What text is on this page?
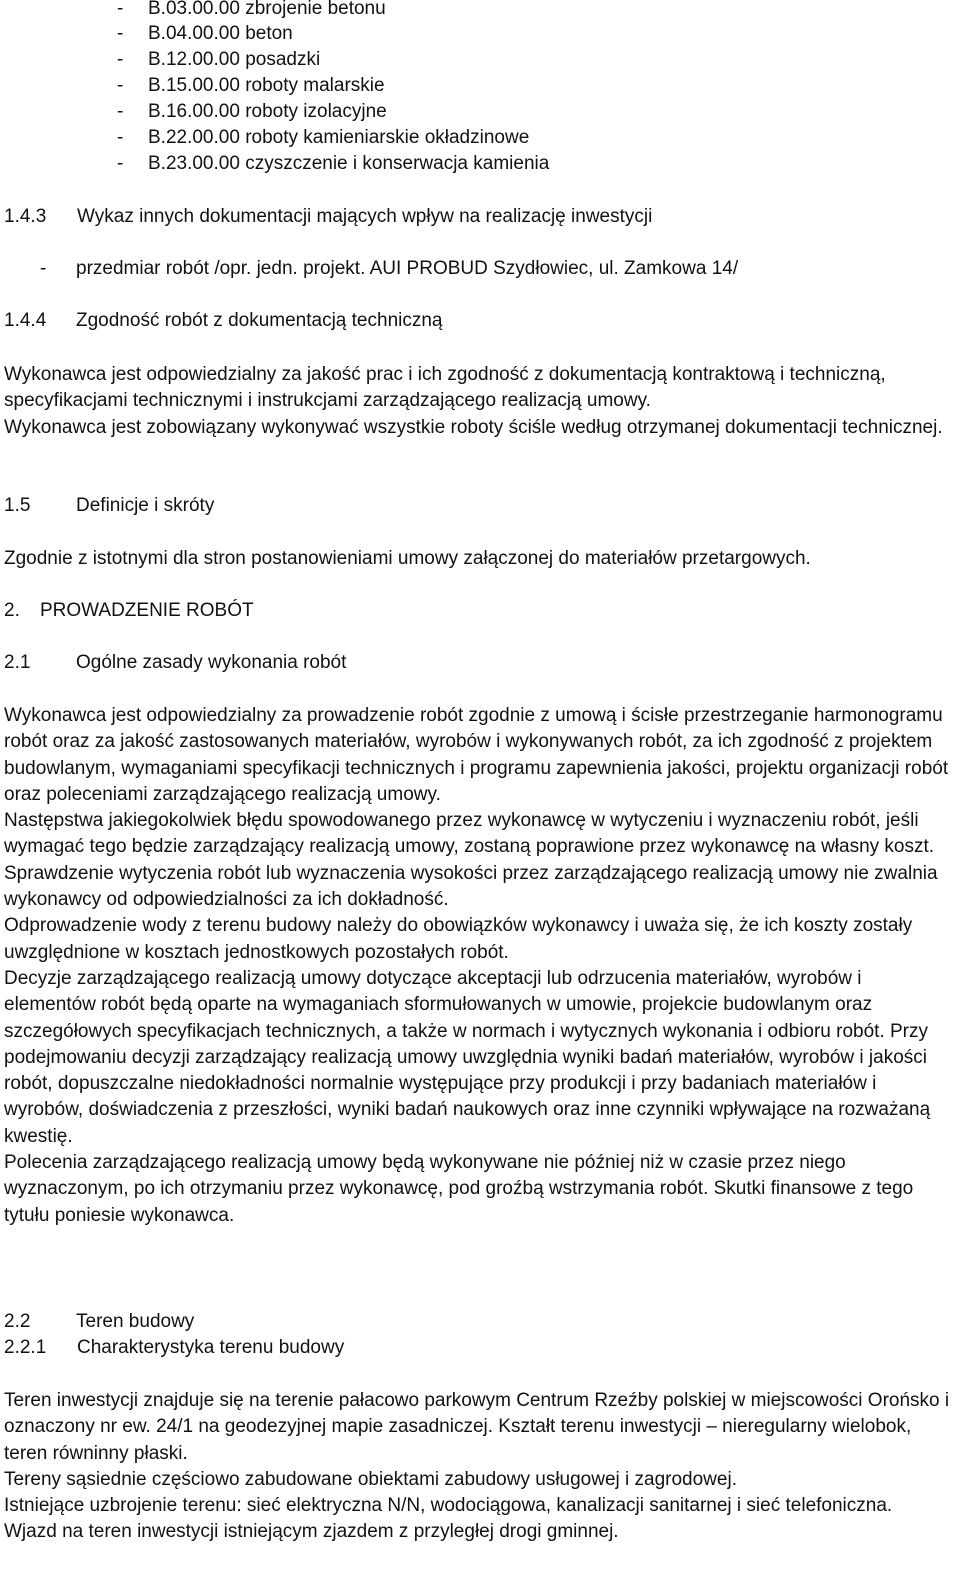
- B.03.00.00 zbrojenie betonu
- B.04.00.00 beton
- B.12.00.00 posadzki
- B.15.00.00 roboty malarskie
- B.16.00.00 roboty izolacyjne
- B.22.00.00 roboty kamieniarskie okładzinowe
- B.23.00.00 czyszczenie i konserwacja kamienia
1.4.3 Wykaz innych dokumentacji mających wpływ na realizację inwestycji
- przedmiar robót /opr. jedn. projekt. AUI PROBUD Szydłowiec, ul. Zamkowa 14/
1.4.4 Zgodność robót z dokumentacją techniczną

Wykonawca jest odpowiedzialny za jakość prac i ich zgodność z dokumentacją kontraktową i techniczną, specyfikacjami technicznymi i instrukcjami zarządzającego realizacją umowy.

Wykonawca jest zobowiązany wykonywać wszystkie roboty ściśle według otrzymanej dokumentacji technicznej.

1.5 Definicje i skróty
Zgodnie z istotnymi dla stron postanowieniami umowy załączonej do materiałów przetargowych.
2. PROWADZENIE ROBÓT
2.1 Ogólne zasady wykonania robót

Wykonawca jest odpowiedzialny za prowadzenie robót zgodnie z umową i ścisłe przestrzeganie harmonogramu robót oraz za jakość zastosowanych materiałów, wyrobów i wykonywanych robót, za ich zgodność z projektem budowlanym, wymaganiami specyfikacji technicznych i programu zapewnienia jakości, projektu organizacji robót oraz poleceniami zarządzającego realizacją umowy.

Następstwa jakiegokolwiek błędu spowodowanego przez wykonawcę w wytyczeniu i wyznaczeniu robót, jeśli wymagać tego będzie zarządzający realizacją umowy, zostaną poprawione przez wykonawcę na własny koszt. Sprawdzenie wytyczenia robót lub wyznaczenia wysokości przez zarządzającego realizacją umowy nie zwalnia wykonawcy od odpowiedzialności za ich dokładność.

Odprowadzenie wody z terenu budowy należy do obowiązków wykonawcy i uważa się, że ich koszty zostały uwzględnione w kosztach jednostkowych pozostałych robót.

Decyzje zarządzającego realizacją umowy dotyczące akceptacji lub odrzucenia materiałów, wyrobów i elementów robót będą oparte na wymaganiach sformułowanych w umowie, projekcie budowlanym oraz szczegółowych specyfikacjach technicznych, a także w normach i wytycznych wykonania i odbioru robót. Przy podejmowaniu decyzji zarządzający realizacją umowy uwzględnia wyniki badań materiałów, wyrobów i jakości robót, dopuszczalne niedokładności normalnie występujące przy produkcji i przy badaniach materiałów i wyrobów, doświadczenia z przeszłości, wyniki badań naukowych oraz inne czynniki wpływające na rozważaną kwestię.

Polecenia zarządzającego realizacją umowy będą wykonywane nie później niż w czasie przez niego wyznaczonym, po ich otrzymaniu przez wykonawcę, pod groźbą wstrzymania robót. Skutki finansowe z tego tytułu poniesie wykonawca.

2.2 Teren budowy
2.2.1 Charakterystyka terenu budowy

Teren inwestycji znajduje się na terenie pałacowo parkowym Centrum Rzeźby polskiej w miejscowości Orońsko i oznaczony nr ew. 24/1 na geodezyjnej mapie zasadniczej. Kształt terenu inwestycji – nieregularny wielobok, teren równinny płaski.

Tereny sąsiednie częściowo zabudowane obiektami zabudowy usługowej i zagrodowej.

Istniejące uzbrojenie terenu: sieć elektryczna N/N, wodociągowa, kanalizacji sanitarnej i sieć telefoniczna.

Wjazd na teren inwestycji istniejącym zjazdem z przyległej drogi gminnej.
